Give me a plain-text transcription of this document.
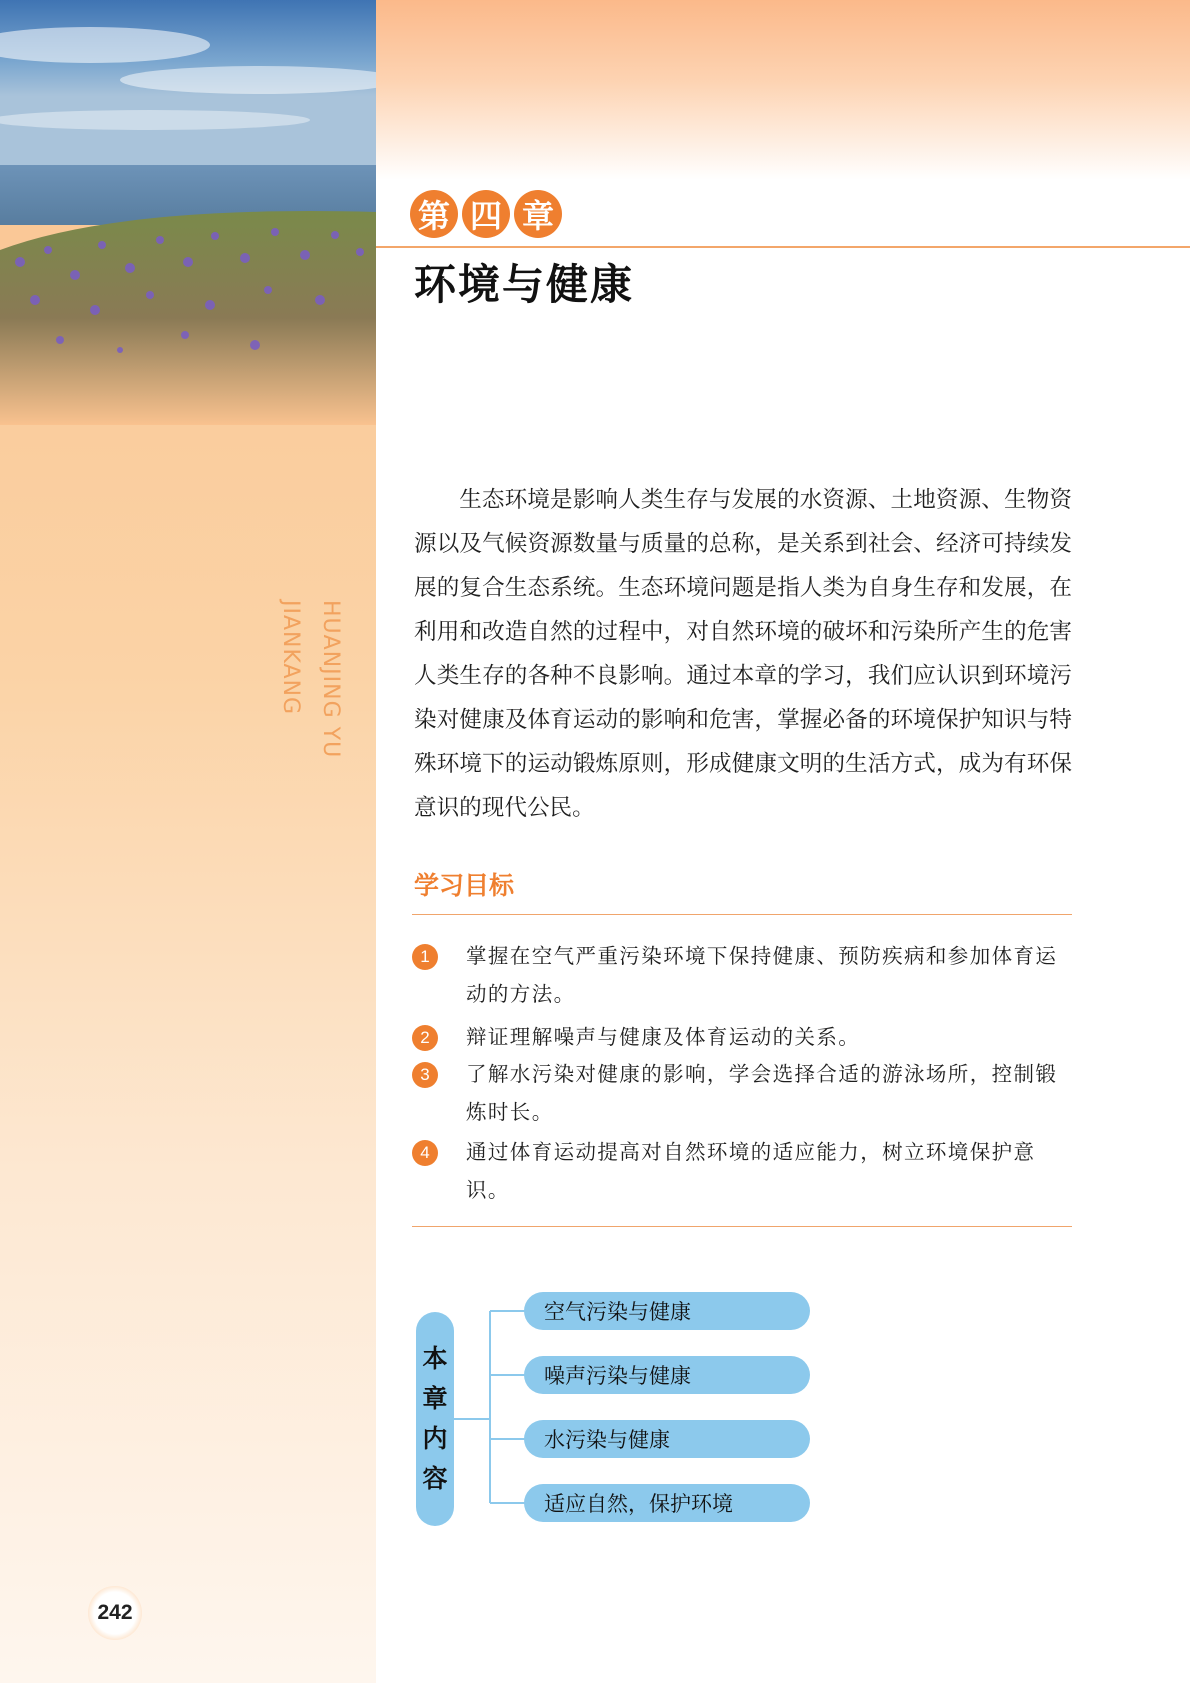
HUANJING YU
JIANKANG
242
第 四 章
环境与健康

生态环境是影响人类生存与发展的水资源、土地资源、生物资源以及气候资源数量与质量的总称，是关系到社会、经济可持续发展的复合生态系统。生态环境问题是指人类为自身生存和发展，在利用和改造自然的过程中，对自然环境的破坏和污染所产生的危害人类生存的各种不良影响。通过本章的学习，我们应认识到环境污染对健康及体育运动的影响和危害，掌握必备的环境保护知识与特殊环境下的运动锻炼原则，形成健康文明的生活方式，成为有环保意识的现代公民。

学习目标
1	掌握在空气严重污染环境下保持健康、预防疾病和参加体育运动的方法。
2	辩证理解噪声与健康及体育运动的关系。
3	了解水污染对健康的影响，学会选择合适的游泳场所，控制锻炼时长。
4	通过体育运动提高对自然环境的适应能力，树立环境保护意识。
本
章
内
容
空气污染与健康
噪声污染与健康
水污染与健康
适应自然，保护环境
